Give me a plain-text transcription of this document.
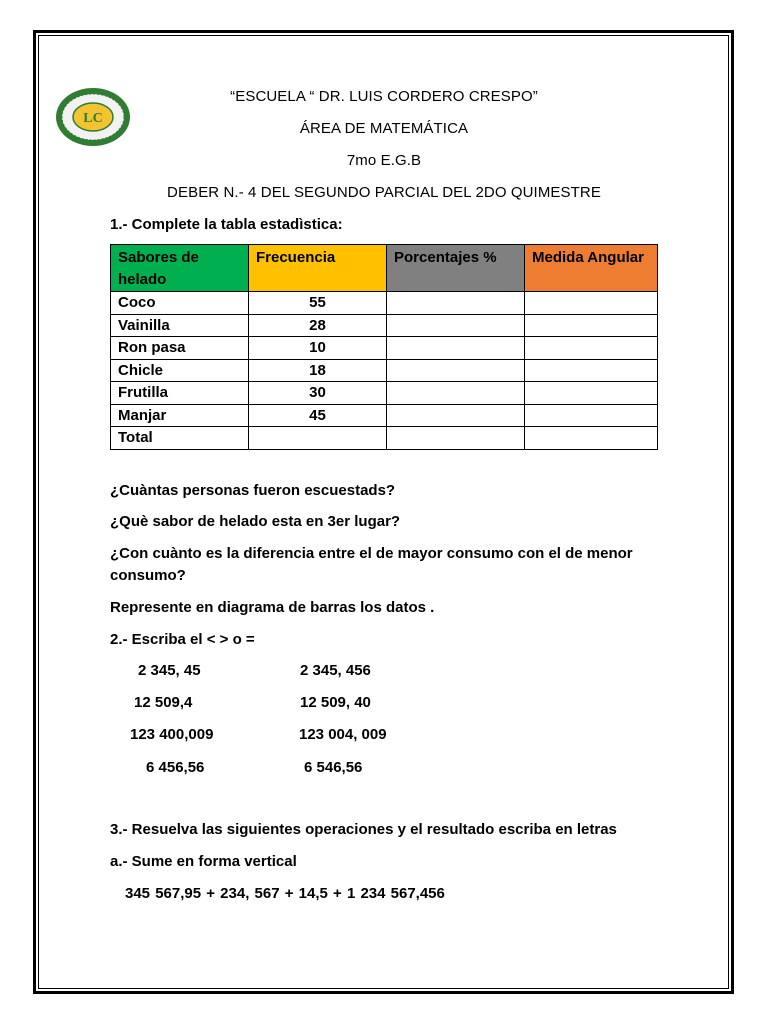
LC
“ESCUELA “ DR. LUIS CORDERO CRESPO”
ÁREA DE MATEMÁTICA
7mo E.G.B
DEBER N.- 4 DEL SEGUNDO PARCIAL DEL 2DO QUIMESTRE
1.- Complete la tabla estadìstica:
Sabores de
helado	Frecuencia	Porcentajes %	Medida Angular
Coco	55		
Vainilla	28		
Ron pasa	10		
Chicle	18		
Frutilla	30		
Manjar	45		
Total			
¿Cuàntas personas fueron escuestads?
¿Què sabor de helado esta en 3er lugar?
¿Con cuànto es la diferencia entre el de mayor consumo con el de menor
consumo?
Represente en diagrama de barras los datos .
2.- Escriba el < > o =
2 345, 45	2 345, 456
12 509,4	12 509, 40
123 400,009	123 004, 009
6 456,56	6 546,56
3.- Resuelva las siguientes operaciones y el resultado escriba en letras
a.- Sume en forma vertical
345 567,95 + 234, 567 + 14,5 + 1 234 567,456
